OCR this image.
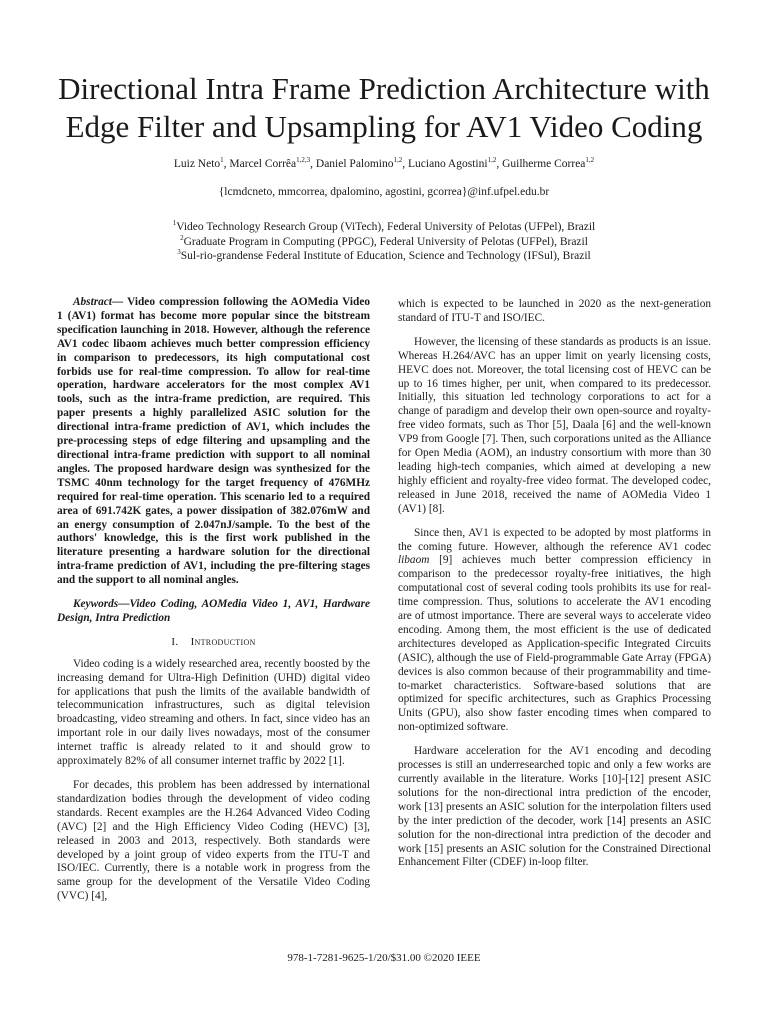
Directional Intra Frame Prediction Architecture with
Edge Filter and Upsampling for AV1 Video Coding
Luiz Neto$^1$, Marcel Corrêa$^{1,2,3}$, Daniel Palomino$^{1,2}$, Luciano Agostini$^{1,2}$, Guilherme Correa$^{1,2}$
{lcmdcneto, mmcorrea, dpalomino, agostini, gcorrea}@inf.ufpel.edu.br
$^1$Video Technology Research Group (ViTech), Federal University of Pelotas (UFPel), Brazil
$^2$Graduate Program in Computing (PPGC), Federal University of Pelotas (UFPel), Brazil
$^3$Sul-rio-grandense Federal Institute of Education, Science and Technology (IFSul), Brazil

Abstract— Video compression following the AOMedia Video 1 (AV1) format has become more popular since the bitstream specification launching in 2018. However, although the reference AV1 codec libaom achieves much better compression efficiency in comparison to predecessors, its high computational cost forbids use for real-time compression. To allow for real-time operation, hardware accelerators for the most complex AV1 tools, such as the intra-frame prediction, are required. This paper presents a highly parallelized ASIC solution for the directional intra-frame prediction of AV1, which includes the pre-processing steps of edge filtering and upsampling and the directional intra-frame prediction with support to all nominal angles. The proposed hardware design was synthesized for the TSMC 40nm technology for the target frequency of 476MHz required for real-time operation. This scenario led to a required area of 691.742K gates, a power dissipation of 382.076mW and an energy consumption of 2.047nJ/sample. To the best of the authors' knowledge, this is the first work published in the literature presenting a hardware solution for the directional intra-frame prediction of AV1, including the pre-filtering stages and the support to all nominal angles.

Keywords—Video Coding, AOMedia Video 1, AV1, Hardware Design, Intra Prediction

I. Introduction

Video coding is a widely researched area, recently boosted by the increasing demand for Ultra-High Definition (UHD) digital video for applications that push the limits of the available bandwidth of telecommunication infrastructures, such as digital television broadcasting, video streaming and others. In fact, since video has an important role in our daily lives nowadays, most of the consumer internet traffic is already related to it and should grow to approximately 82% of all consumer internet traffic by 2022 [1].

For decades, this problem has been addressed by international standardization bodies through the development of video coding standards. Recent examples are the H.264 Advanced Video Coding (AVC) [2] and the High Efficiency Video Coding (HEVC) [3], released in 2003 and 2013, respectively. Both standards were developed by a joint group of video experts from the ITU-T and ISO/IEC. Currently, there is a notable work in progress from the same group for the development of the Versatile Video Coding (VVC) [4],

which is expected to be launched in 2020 as the next-generation standard of ITU-T and ISO/IEC.

However, the licensing of these standards as products is an issue. Whereas H.264/AVC has an upper limit on yearly licensing costs, HEVC does not. Moreover, the total licensing cost of HEVC can be up to 16 times higher, per unit, when compared to its predecessor. Initially, this situation led technology corporations to act for a change of paradigm and develop their own open-source and royalty-free video formats, such as Thor [5], Daala [6] and the well-known VP9 from Google [7]. Then, such corporations united as the Alliance for Open Media (AOM), an industry consortium with more than 30 leading high-tech companies, which aimed at developing a new highly efficient and royalty-free video format. The developed codec, released in June 2018, received the name of AOMedia Video 1 (AV1) [8].

Since then, AV1 is expected to be adopted by most platforms in the coming future. However, although the reference AV1 codec libaom [9] achieves much better compression efficiency in comparison to the predecessor royalty-free initiatives, the high computational cost of several coding tools prohibits its use for real-time compression. Thus, solutions to accelerate the AV1 encoding are of utmost importance. There are several ways to accelerate video encoding. Among them, the most efficient is the use of dedicated architectures developed as Application-specific Integrated Circuits (ASIC), although the use of Field-programmable Gate Array (FPGA) devices is also common because of their programmability and time-to-market characteristics. Software-based solutions that are optimized for specific architectures, such as Graphics Processing Units (GPU), also show faster encoding times when compared to non-optimized software.

Hardware acceleration for the AV1 encoding and decoding processes is still an underresearched topic and only a few works are currently available in the literature. Works [10]-[12] present ASIC solutions for the non-directional intra prediction of the encoder, work [13] presents an ASIC solution for the interpolation filters used by the inter prediction of the decoder, work [14] presents an ASIC solution for the non-directional intra prediction of the decoder and work [15] presents an ASIC solution for the Constrained Directional Enhancement Filter (CDEF) in-loop filter.

978-1-7281-9625-1/20/$31.00 ©2020 IEEE
